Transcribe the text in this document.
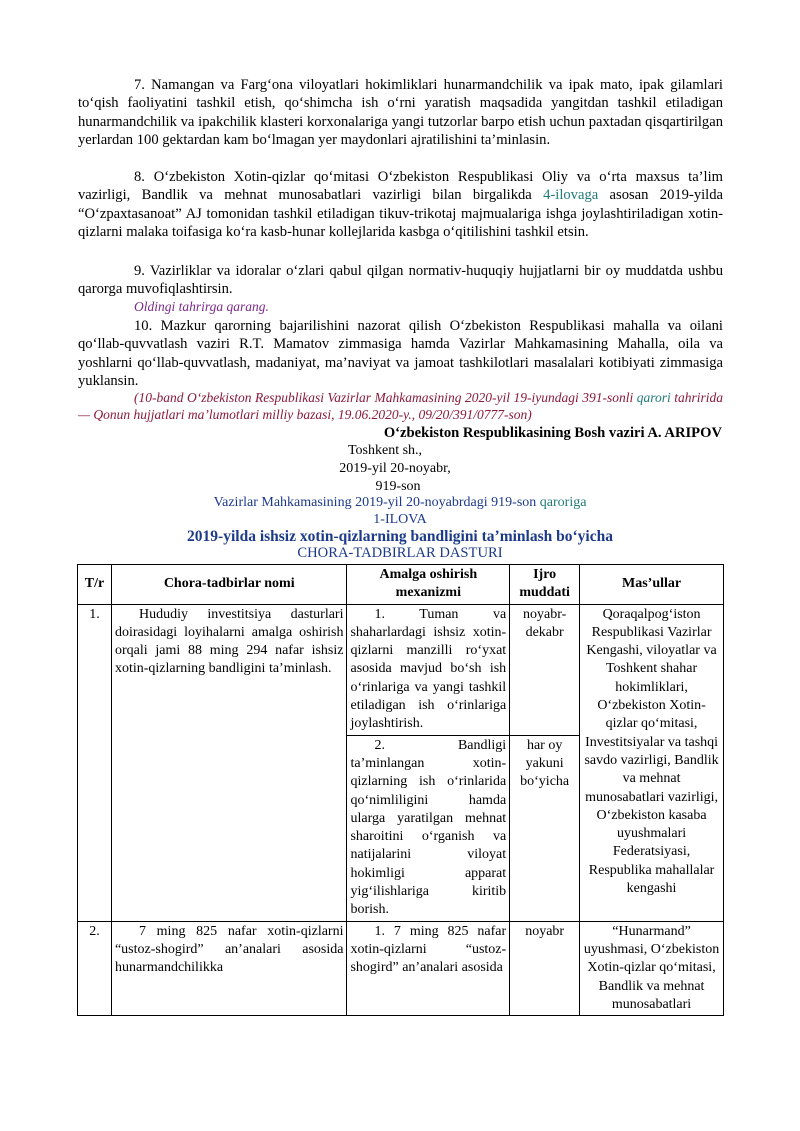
7. Namangan va Farg‘ona viloyatlari hokimliklari hunarmandchilik va ipak mato, ipak gilamlari to‘qish faoliyatini tashkil etish, qo‘shimcha ish o‘rni yaratish maqsadida yangitdan tashkil etiladigan hunarmandchilik va ipakchilik klasteri korxonalariga yangi tutzorlar barpo etish uchun paxtadan qisqartirilgan yerlardan 100 gektardan kam bo‘lmagan yer maydonlari ajratilishini ta’minlasin.

8. O‘zbekiston Xotin-qizlar qo‘mitasi O‘zbekiston Respublikasi Oliy va o‘rta maxsus ta’lim vazirligi, Bandlik va mehnat munosabatlari vazirligi bilan birgalikda 4-ilovaga asosan 2019-yilda “O‘zpaxtasanoat” AJ tomonidan tashkil etiladigan tikuv-trikotaj majmualariga ishga joylashtiriladigan xotin-qizlarni malaka toifasiga ko‘ra kasb-hunar kollejlarida kasbga o‘qitilishini tashkil etsin.

9. Vazirliklar va idoralar o‘zlari qabul qilgan normativ-huquqiy hujjatlarni bir oy muddatda ushbu qarorga muvofiqlashtirsin.

Oldingi tahrirga qarang.

10. Mazkur qarorning bajarilishini nazorat qilish O‘zbekiston Respublikasi mahalla va oilani qo‘llab-quvvatlash vaziri R.T. Mamatov zimmasiga hamda Vazirlar Mahkamasining Mahalla, oila va yoshlarni qo‘llab-quvvatlash, madaniyat, ma’naviyat va jamoat tashkilotlari masalalari kotibiyati zimmasiga yuklansin.

(10-band O‘zbekiston Respublikasi Vazirlar Mahkamasining 2020-yil 19-iyundagi 391-sonli qarori tahririda — Qonun hujjatlari ma’lumotlari milliy bazasi, 19.06.2020-y., 09/20/391/0777-son)

O‘zbekiston Respublikasining Bosh vaziri A. ARIPOV

Toshkent sh.,

2019-yil 20-noyabr,

919-son

Vazirlar Mahkamasining 2019-yil 20-noyabrdagi 919-son qaroriga

1-ILOVA

2019-yilda ishsiz xotin-qizlarning bandligini ta’minlash bo‘yicha

CHORA-TADBIRLAR DASTURI

T/r	Chora-tadbirlar nomi	Amalga oshirish mexanizmi	Ijro muddati	Mas’ullar
1.	Hududiy investitsiya dasturlari doirasidagi loyihalarni amalga oshirish orqali jami 88 ming 294 nafar ishsiz xotin-qizlarning bandligini ta’minlash.	1. Tuman va shaharlardagi ishsiz xotin-qizlarni manzilli ro‘yxat asosida mavjud bo‘sh ish o‘rinlariga va yangi tashkil etiladigan ish o‘rinlariga joylashtirish.	noyabr-dekabr	Qoraqalpog‘iston Respublikasi Vazirlar Kengashi, viloyatlar va Toshkent shahar hokimliklari, O‘zbekiston Xotin-qizlar qo‘mitasi, Investitsiyalar va tashqi savdo vazirligi, Bandlik va mehnat munosabatlari vazirligi, O‘zbekiston kasaba uyushmalari Federatsiyasi, Respublika mahallalar kengashi
		2. Bandligi ta’minlangan xotin-qizlarning ish o‘rinlarida qo‘nimliligini hamda ularga yaratilgan mehnat sharoitini o‘rganish va natijalarini viloyat hokimligi apparat yig‘ilishlariga kiritib borish.	har oy yakuni bo‘yicha	
2.	7 ming 825 nafar xotin-qizlarni “ustoz-shogird” an’analari asosida hunarmandchilikka	1. 7 ming 825 nafar xotin-qizlarni “ustoz-shogird” an’analari asosida	noyabr	“Hunarmand” uyushmasi, O‘zbekiston Xotin-qizlar qo‘mitasi, Bandlik va mehnat munosabatlari
